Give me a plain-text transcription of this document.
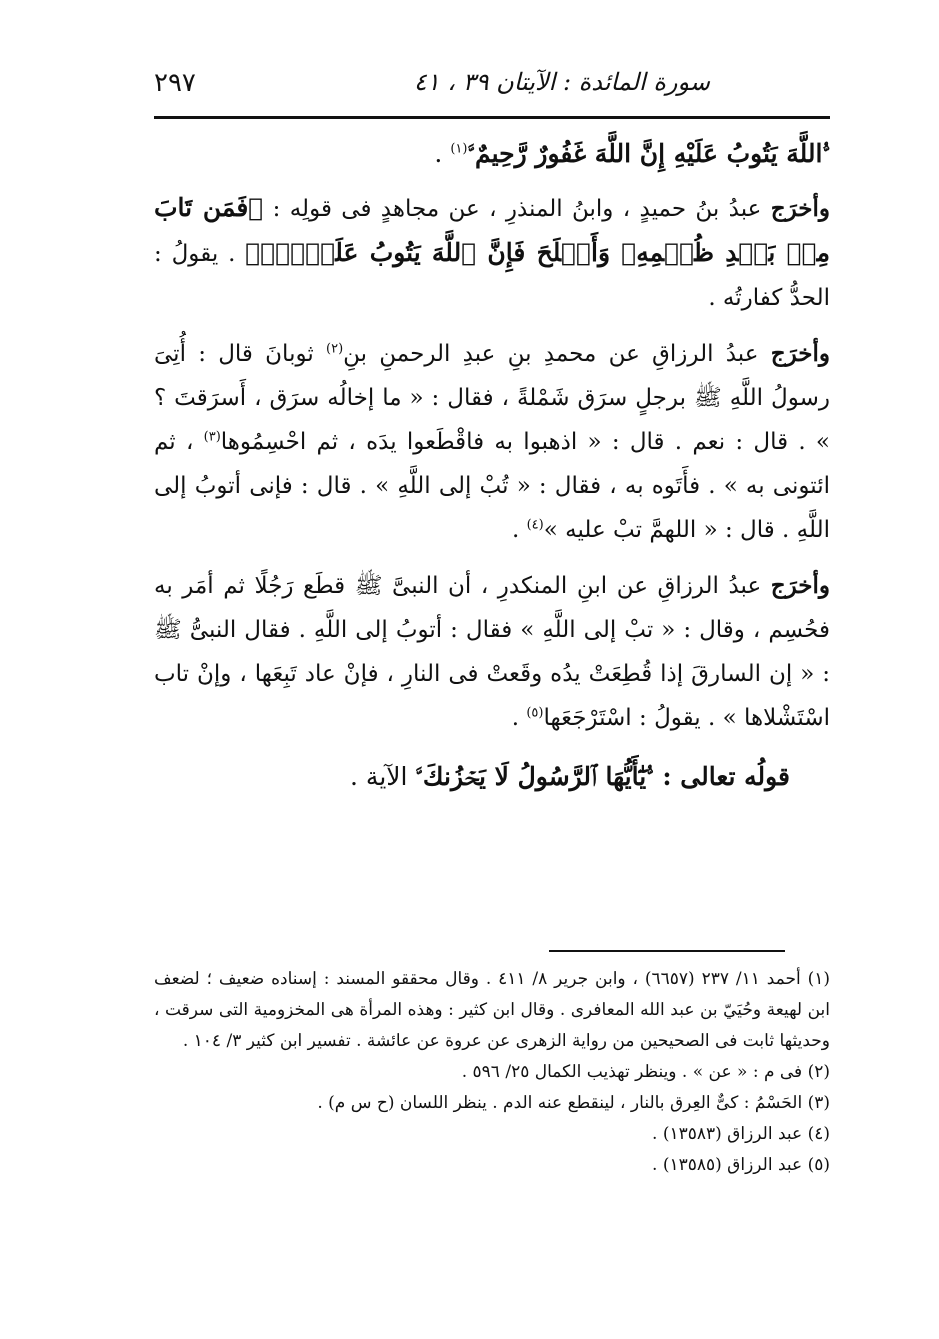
٢٩٧	سورة المائدة : الآيتان ٣٩ ، ٤١

ﱡاللَّهَ يَتُوبُ عَلَيْهِ إِنَّ اللَّهَ غَفُورٌ رَّحِيمٌﱠ$^{(١)}$ .

وأخرَج عبدُ بنُ حميدٍ ، وابنُ المنذرِ ، عن مجاهدٍ فى قولِه : ﱡفَمَن تَابَ مِنۢ بَعۡدِ ظُلۡمِهِۦ وَأَصۡلَحَ فَإِنَّ ٱللَّهَ يَتُوبُ عَلَيۡهِۚﱠ . يقولُ : الحدُّ كفارتُه .

وأخرَج عبدُ الرزاقِ عن محمدِ بنِ عبدِ الرحمنِ بنِ$^{(٢)}$ ثوبانَ قال : أُتِىَ رسولُ اللَّهِ ﷺ برجلٍ سرَق شَمْلةً ، فقال : « ما إخالُه سرَق ، أَسرَقتَ ؟ » . قال : نعم . قال : « اذهبوا به فاقْطَعوا يدَه ، ثم احْسِمُوها$^{(٣)}$ ، ثم ائتونى به » . فأَتَوه به ، فقال : « تُبْ إلى اللَّهِ » . قال : فإنى أتوبُ إلى اللَّهِ . قال : « اللهمَّ تبْ عليه »$^{(٤)}$ .

وأخرَج عبدُ الرزاقِ عن ابنِ المنكدرِ ، أن النبىَّ ﷺ قطَع رَجُلًا ثم أمَر به فحُسِم ، وقال : « تبْ إلى اللَّهِ » فقال : أتوبُ إلى اللَّهِ . فقال النبىُّ ﷺ : « إن السارقَ إذا قُطِعَتْ يدُه وقَعتْ فى النارِ ، فإنْ عاد تَبِعَها ، وإنْ تاب اسْتَشْلاها » . يقولُ : اسْتَرْجَعَها$^{(٥)}$ .

قولُه تعالى : ﱡيَٰٓأَيُّهَا ٱلرَّسُولُ لَا يَحۡزُنكَﱠ الآية .

(١) أحمد ١١/ ٢٣٧ (٦٦٥٧) ، وابن جرير ٨/ ٤١١ . وقال محققو المسند : إسناده ضعيف ؛ لضعف ابن لهيعة وحُيَيّ بن عبد الله المعافرى . وقال ابن كثير : وهذه المرأة هى المخزومية التى سرقت ، وحديثها ثابت فى الصحيحين من رواية الزهرى عن عروة عن عائشة . تفسير ابن كثير ٣/ ١٠٤ .

(٢) فى م : « عن » . وينظر تهذيب الكمال ٢٥/ ٥٩٦ .

(٣) الحَسْمُ : كىٌّ العِرق بالنار ، لينقطع عنه الدم . ينظر اللسان (ح س م) .

(٤) عبد الرزاق (١٣٥٨٣) .

(٥) عبد الرزاق (١٣٥٨٥) .
